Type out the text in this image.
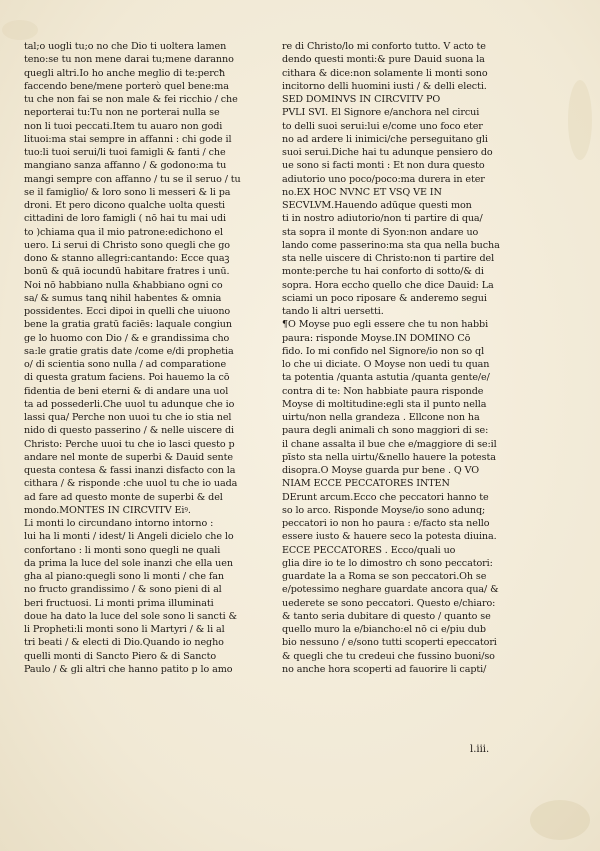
tal;o uogli tu;o no che Dio ti uoltera lamen
teno:se tu non mene darai tu;mene daranno
quegli altri.Io ho anche meglio di te:percħ
faccendo bene/mene porterò quel bene:ma
tu che non fai se non male & fei ricchio / che
neporterai tu:Tu non ne porterai nulla se
non li tuoi peccati.Item tu auaro non godi
lituoi:ma stai sempre in affanni : chi gode il
tuo:li tuoi serui/li tuoi famigli & fanti / che
mangiano sanza affanno / & godono:ma tu
mangi sempre con affanno / tu se il seruo / tu
se il famiglio/ & loro sono li messeri & li pa
droni. Et pero dicono qualche uolta questi
cittadini de loro famigli ( nō hai tu mai udi
to )chiama qua il mio patrone:edichono el
uero. Li serui di Christo sono quegli che go
dono & stanno allegri:cantando: Ecce quaꝫ
bonū & quā iocundū habitare fratres i unū.
Noi nō habbiano nulla &habbiano ogni co
sa/ & sumus tanꝗ nihil habentes & omnia
possidentes. Ecci dipoi in quelli che uiuono
bene la gratia gratū faciēs: laquale congiun
ge lo huomo con Dio / & e grandissima cho
sa:le gratie gratis date /come e/di prophetia
o/ di scientia sono nulla / ad comparatione
di questa gratum faciens. Poi hauemo la cō
fidentia de beni eterni & di andare una uol
ta ad possederli.Che uuol tu adunque che io
lassi qua/ Perche non uuoi tu che io stia nel
nido di questo passerino / & nelle uiscere di
Christo: Perche uuoi tu che io lasci questo p
andare nel monte de superbi & Dauid sente
questa contesa & fassi inanzi disfacto con la
cithara / & risponde :che uuol tu che io uada
ad fare ad questo monte de superbi & del
mondo.MONTES IN CIRCVITV Eiꝰ.
Li monti lo circundano intorno intorno :
lui ha li monti / idest/ li Angeli dicielo che lo
confortano : li monti sono quegli ne quali
da prima la luce del sole inanzi che ella uen
gha al piano:quegli sono li monti / che fan
no fructo grandissimo / & sono pieni di al
beri fructuosi. Li monti prima illuminati
doue ha dato la luce del sole sono li sancti &
li Propheti:li monti sono li Martyri / & li al
tri beati / & electi di Dio.Quando io negho
quelli monti di Sancto Piero & di Sancto
Paulo / & gli altri che hanno patito p lo amo
re di Christo/lo mi conforto tutto. V acto te
dendo questi monti:& pure Dauid suona la
cithara & dice:non solamente li monti sono
incitorno delli huomini iusti / & delli electi.
SED DOMINVS IN CIRCVITV PO
PVLI SVI. El Signore e/anchora nel circui
to delli suoi serui:lui e/come uno foco eter
no ad ardere li inimici/che perseguitano gli
suoi serui.Diche hai tu adunque pensiero do
ue sono si facti monti : Et non dura questo
adiutorio uno poco/poco:ma durera in eter
no.EX HOC NVNC ET VSQ VE IN
SECVLVM.Hauendo adūque questi mon
ti in nostro adiutorio/non ti partire di qua/
sta sopra il monte di Syon:non andare uo
lando come passerino:ma sta qua nella bucha
sta nelle uiscere di Christo:non ti partire del
monte:perche tu hai conforto di sotto/& di
sopra. Hora eccho quello che dice Dauid: La
sciami un poco riposare & anderemo segui
tando li altri uersetti.
¶O Moyse puo egli essere che tu non habbi
paura: risponde Moyse.IN DOMINO Cō
fido. Io mi confido nel Signore/io non so ql
lo che ui diciate. O Moyse non uedi tu quan
ta potentia /quanta astutia /quanta gente/e/
contra di te: Non habbiate paura risponde
Moyse di moltitudine:egli sta il punto nella
uirtu/non nella grandeza . Ellcone non ha
paura degli animali ch sono maggiori di se:
il chane assalta il bue che e/maggiore di se:il
pīsto sta nella uirtu/&nello hauere la potesta
disopra.O Moyse guarda pur bene . Q VO
NIAM ECCE PECCATORES INTEN
DErunt arcum.Ecco che peccatori hanno te
so lo arco. Risponde Moyse/io sono adunq;
peccatori io non ho paura : e/facto sta nello
essere iusto & hauere seco la potesta diuina.
ECCE PECCATORES . Ecco/quali uo
glia dire io te lo dimostro ch sono peccatori:
guardate la a Roma se son peccatori.Oh se
e/potessimo neghare guardate ancora qua/ &
uederete se sono peccatori. Questo e/chiaro:
& tanto seria dubitare di questo / quanto se
quello muro la e/biancho:el nō ci e/piu dub
bio nessuno / e/sono tutti scoperti epeccatori
& quegli che tu credeui che fussino buoni/so
no anche hora scoperti ad fauorire li capti/
l.iii.
